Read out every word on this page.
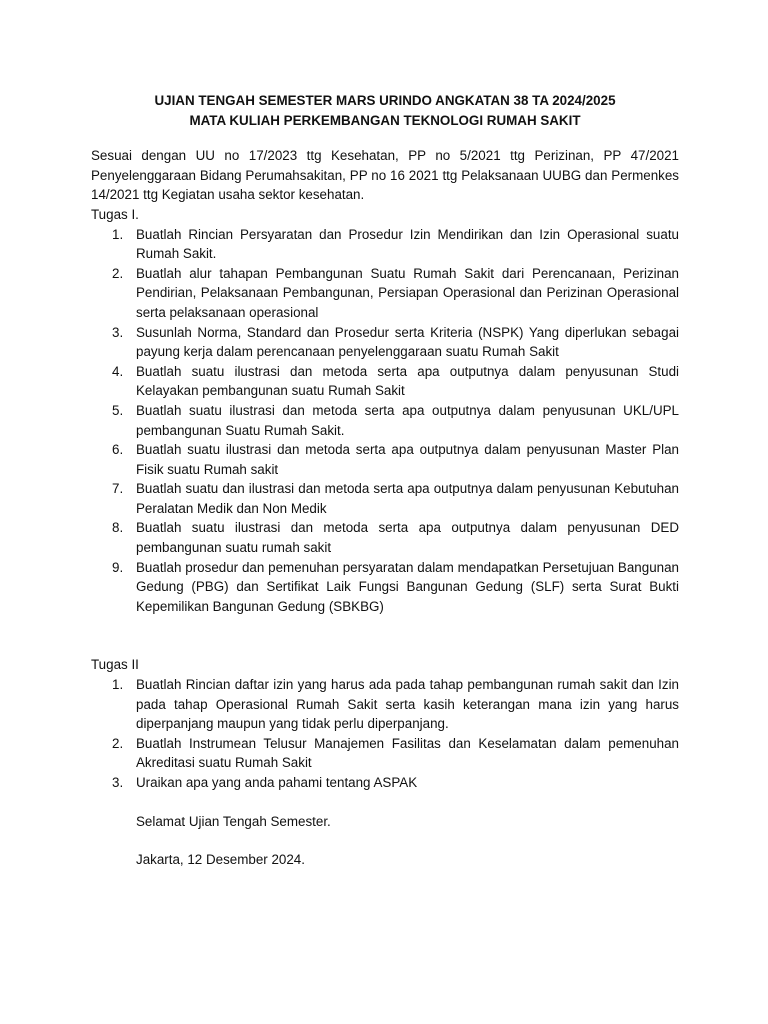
UJIAN TENGAH SEMESTER MARS URINDO ANGKATAN 38 TA 2024/2025

MATA KULIAH PERKEMBANGAN TEKNOLOGI RUMAH SAKIT

Sesuai dengan UU no 17/2023 ttg Kesehatan, PP no 5/2021 ttg Perizinan, PP 47/2021 Penyelenggaraan Bidang Perumahsakitan, PP no 16 2021 ttg Pelaksanaan UUBG dan Permenkes 14/2021 ttg Kegiatan usaha sektor kesehatan.

Tugas I.

1. Buatlah Rincian Persyaratan dan Prosedur Izin Mendirikan dan Izin Operasional suatu Rumah Sakit.
2. Buatlah alur tahapan Pembangunan Suatu Rumah Sakit dari Perencanaan, Perizinan Pendirian, Pelaksanaan Pembangunan, Persiapan Operasional dan Perizinan Operasional serta pelaksanaan operasional
3. Susunlah Norma, Standard dan Prosedur serta Kriteria (NSPK) Yang diperlukan sebagai payung kerja dalam perencanaan penyelenggaraan suatu Rumah Sakit
4. Buatlah suatu ilustrasi dan metoda serta apa outputnya dalam penyusunan Studi Kelayakan pembangunan suatu Rumah Sakit
5. Buatlah suatu ilustrasi dan metoda serta apa outputnya dalam penyusunan UKL/UPL pembangunan Suatu Rumah Sakit.
6. Buatlah suatu ilustrasi dan metoda serta apa outputnya dalam penyusunan Master Plan Fisik suatu Rumah sakit
7. Buatlah suatu dan ilustrasi dan metoda serta apa outputnya dalam penyusunan Kebutuhan Peralatan Medik dan Non Medik
8. Buatlah suatu ilustrasi dan metoda serta apa outputnya dalam penyusunan DED pembangunan suatu rumah sakit
9. Buatlah prosedur dan pemenuhan persyaratan dalam mendapatkan Persetujuan Bangunan Gedung (PBG) dan Sertifikat Laik Fungsi Bangunan Gedung (SLF) serta Surat Bukti Kepemilikan Bangunan Gedung (SBKBG)

Tugas II

1. Buatlah Rincian daftar izin yang harus ada pada tahap pembangunan rumah sakit dan Izin pada tahap Operasional Rumah Sakit serta kasih keterangan mana izin yang harus diperpanjang maupun yang tidak perlu diperpanjang.
2. Buatlah Instrumean Telusur Manajemen Fasilitas dan Keselamatan dalam pemenuhan Akreditasi suatu Rumah Sakit
3. Uraikan apa yang anda pahami tentang ASPAK

Selamat Ujian Tengah Semester.

Jakarta, 12 Desember 2024.
